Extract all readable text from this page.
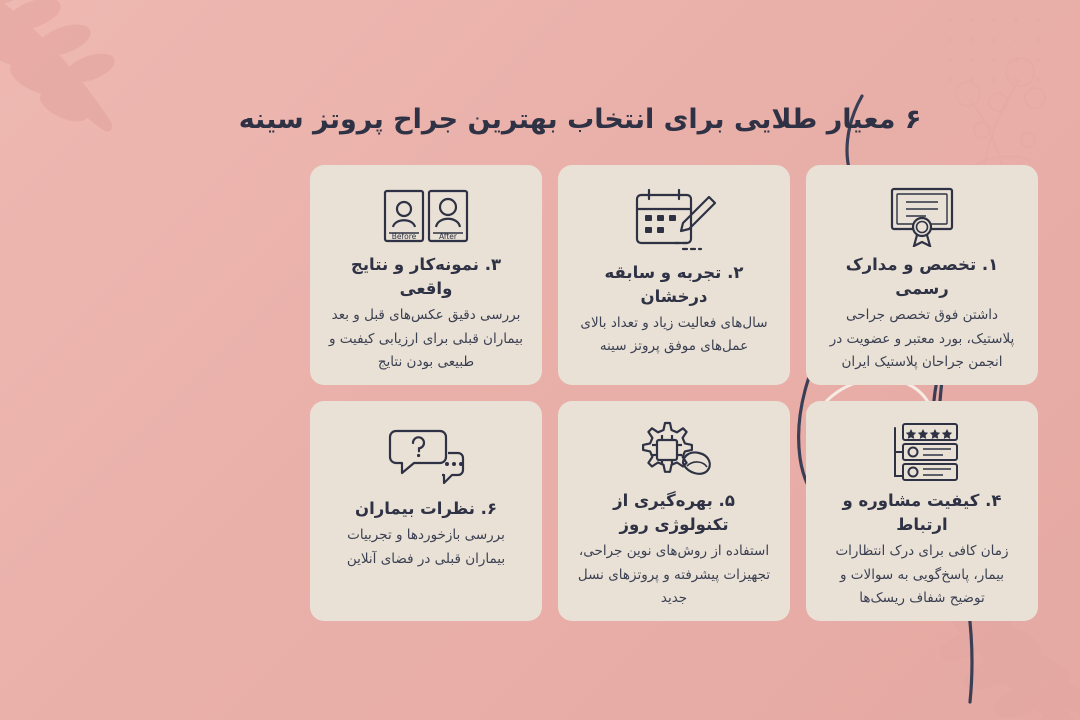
۶ معیار طلایی برای انتخاب بهترین جراح پروتز سینه
۱. تخصص و مدارک رسمی
داشتن فوق تخصص جراحی پلاستیک، بورد معتبر و عضویت در انجمن جراحان پلاستیک ایران
۲. تجربه و سابقه درخشان
سال‌های فعالیت زیاد و تعداد بالای عمل‌های موفق پروتز سینه
Before	After
۳. نمونه‌کار و نتایج واقعی
بررسی دقیق عکس‌های قبل و بعد بیماران قبلی برای ارزیابی کیفیت و طبیعی بودن نتایج
۴. کیفیت مشاوره و ارتباط
زمان کافی برای درک انتظارات بیمار، پاسخ‌گویی به سوالات و توضیح شفاف ریسک‌ها
۵. بهره‌گیری از تکنولوژی روز
استفاده از روش‌های نوین جراحی، تجهیزات پیشرفته و پروتزهای نسل جدید
۶. نظرات بیماران
بررسی بازخوردها و تجربیات بیماران قبلی در فضای آنلاین
